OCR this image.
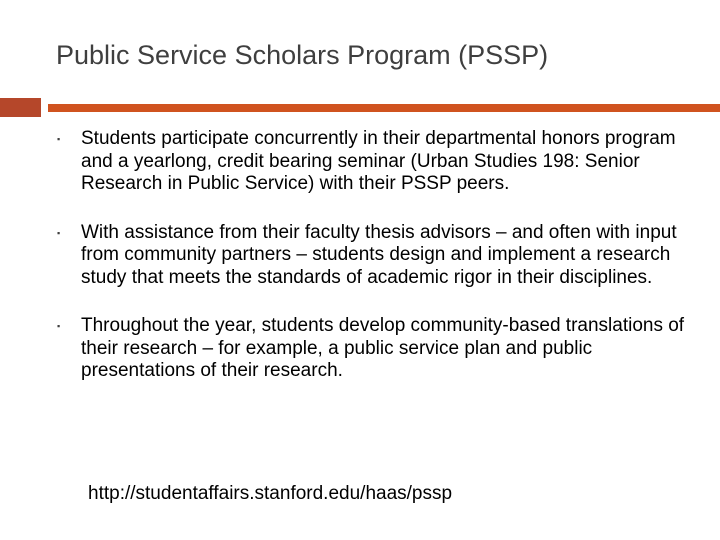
Public Service Scholars Program (PSSP)
▪ Students participate concurrently in their departmental honors program and a yearlong, credit bearing seminar (Urban Studies 198: Senior Research in Public Service) with their PSSP peers.
▪ With assistance from their faculty thesis advisors – and often with input from community partners – students design and implement a research study that meets the standards of academic rigor in their disciplines.
▪ Throughout the year, students develop community-based translations of their research – for example, a public service plan and public presentations of their research.
http://studentaffairs.stanford.edu/haas/pssp
